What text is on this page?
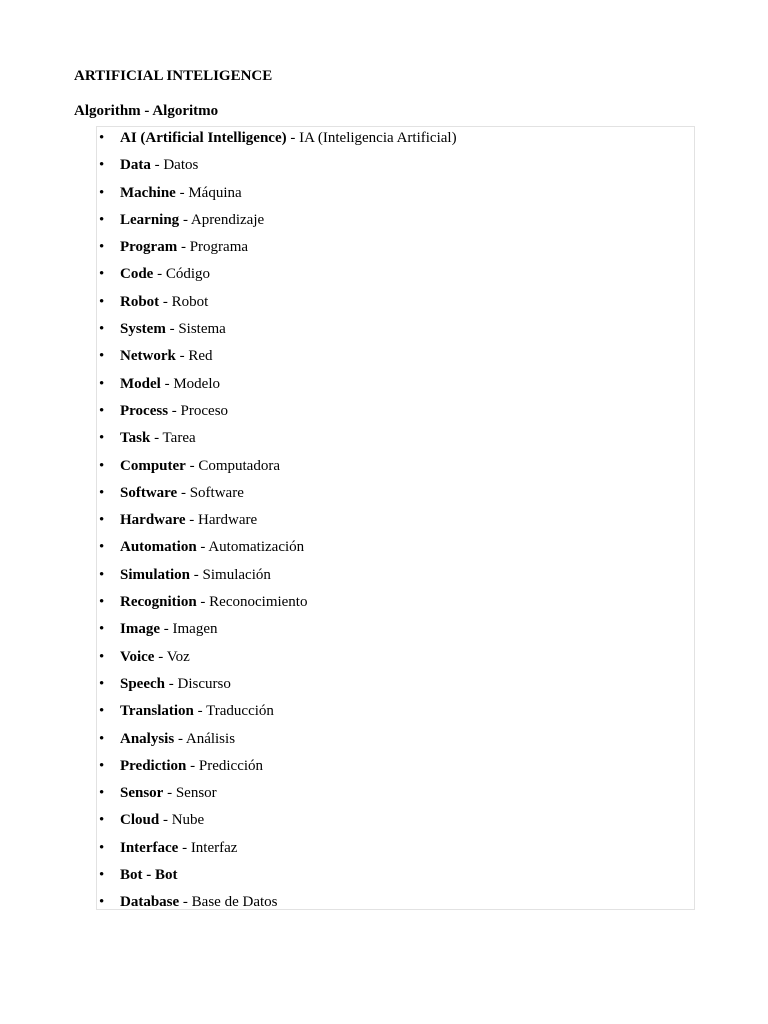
ARTIFICIAL INTELIGENCE
Algorithm - Algoritmo
• AI (Artificial Intelligence) - IA (Inteligencia Artificial)
• Data - Datos
• Machine - Máquina
• Learning - Aprendizaje
• Program - Programa
• Code - Código
• Robot - Robot
• System - Sistema
• Network - Red
• Model - Modelo
• Process - Proceso
• Task - Tarea
• Computer - Computadora
• Software - Software
• Hardware - Hardware
• Automation - Automatización
• Simulation - Simulación
• Recognition - Reconocimiento
• Image - Imagen
• Voice - Voz
• Speech - Discurso
• Translation - Traducción
• Analysis - Análisis
• Prediction - Predicción
• Sensor - Sensor
• Cloud - Nube
• Interface - Interfaz
• Bot - Bot
• Database - Base de Datos
